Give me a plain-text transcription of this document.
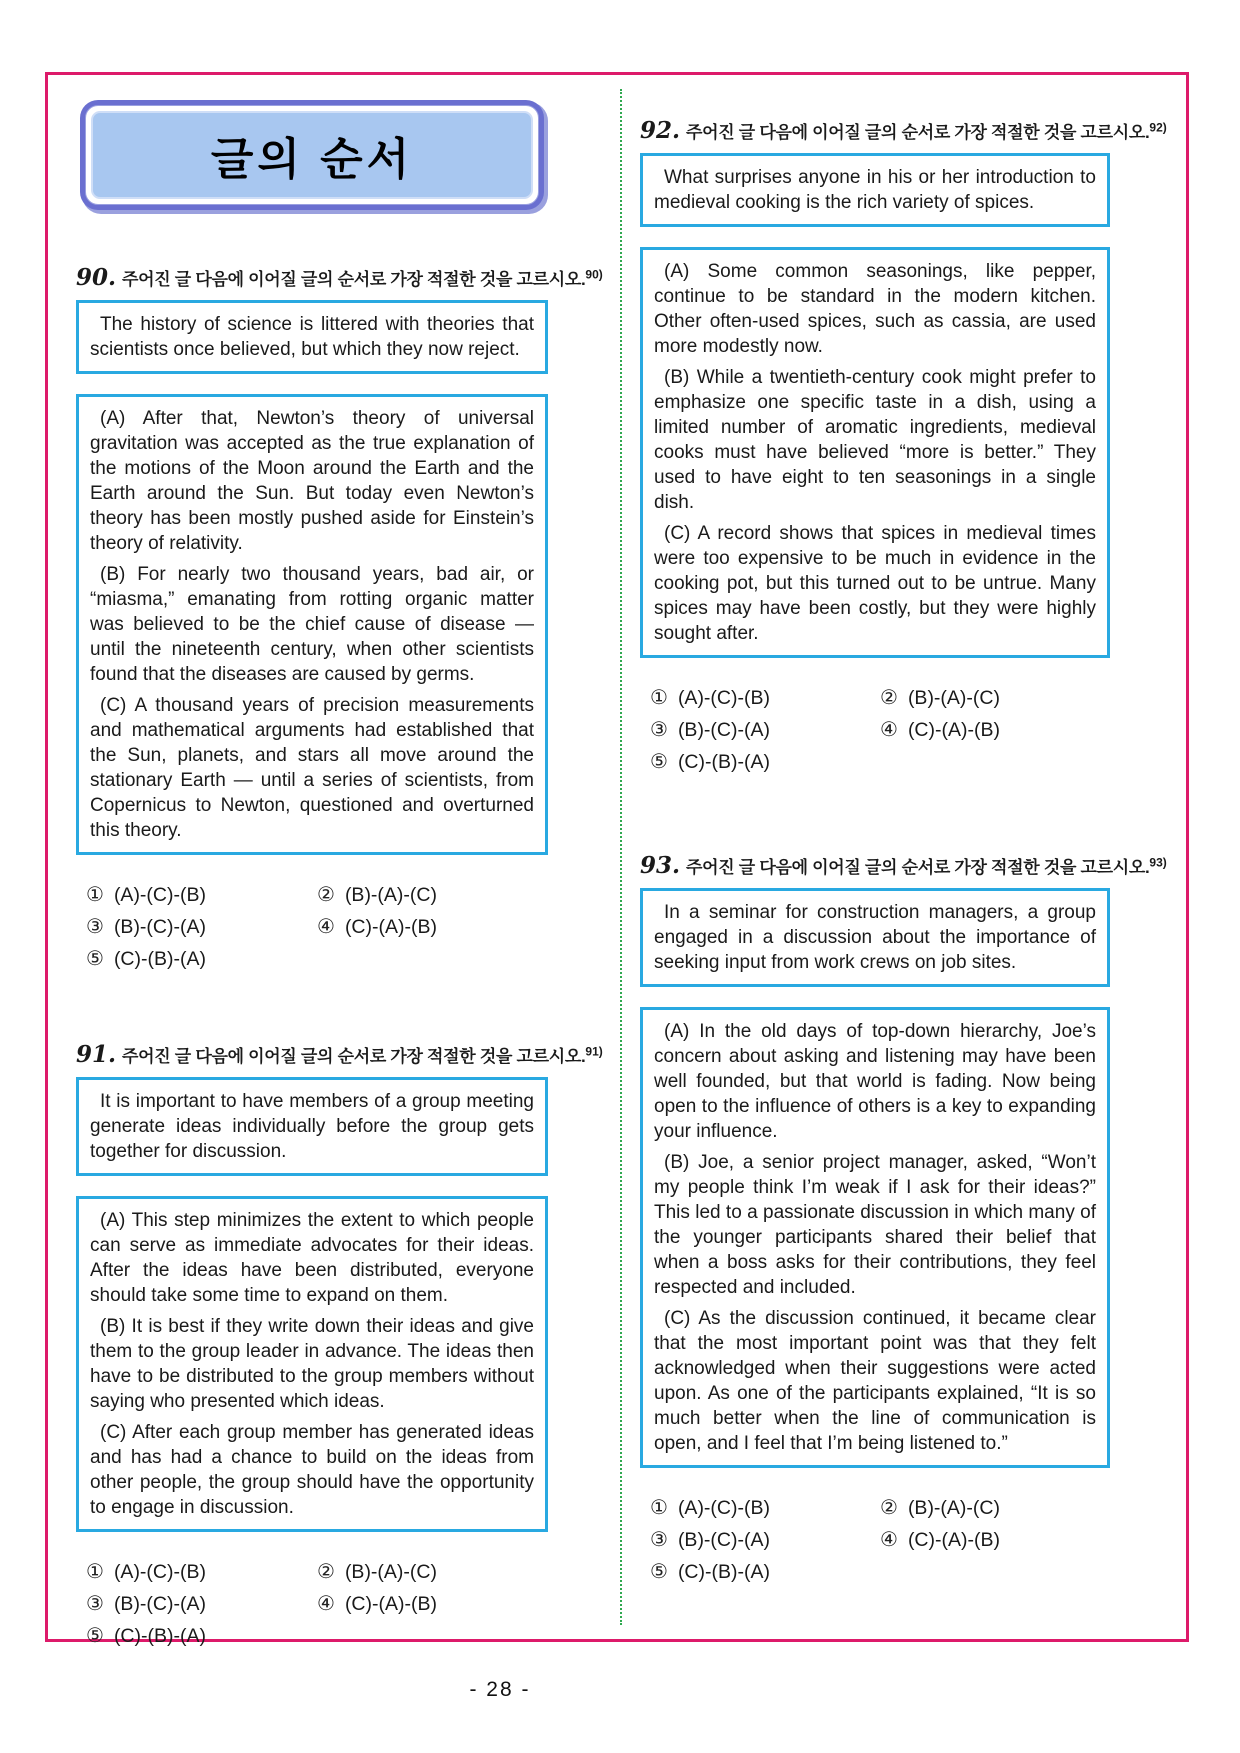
글의 순서
90. 주어진 글 다음에 이어질 글의 순서로 가장 적절한 것을 고르시오.$^{90)}$

The history of science is littered with theories that scientists once believed, but which they now reject.

(A) After that, Newton’s theory of universal gravitation was accepted as the true explanation of the motions of the Moon around the Earth and the Earth around the Sun. But today even Newton’s theory has been mostly pushed aside for Einstein’s theory of relativity.

(B) For nearly two thousand years, bad air, or “miasma,” emanating from rotting organic matter was believed to be the chief cause of disease — until the nineteenth century, when other scientists found that the diseases are caused by germs.

(C) A thousand years of precision measurements and mathematical arguments had established that the Sun, planets, and stars all move around the stationary Earth — until a series of scientists, from Copernicus to Newton, questioned and overturned this theory.

① (A)-(C)-(B)	② (B)-(A)-(C)
③ (B)-(C)-(A)	④ (C)-(A)-(B)
⑤ (C)-(B)-(A)
91. 주어진 글 다음에 이어질 글의 순서로 가장 적절한 것을 고르시오.$^{91)}$

It is important to have members of a group meeting generate ideas individually before the group gets together for discussion.

(A) This step minimizes the extent to which people can serve as immediate advocates for their ideas. After the ideas have been distributed, everyone should take some time to expand on them.

(B) It is best if they write down their ideas and give them to the group leader in advance. The ideas then have to be distributed to the group members without saying who presented which ideas.

(C) After each group member has generated ideas and has had a chance to build on the ideas from other people, the group should have the opportunity to engage in discussion.

① (A)-(C)-(B)	② (B)-(A)-(C)
③ (B)-(C)-(A)	④ (C)-(A)-(B)
⑤ (C)-(B)-(A)
92. 주어진 글 다음에 이어질 글의 순서로 가장 적절한 것을 고르시오.$^{92)}$

What surprises anyone in his or her introduction to medieval cooking is the rich variety of spices.

(A) Some common seasonings, like pepper, continue to be standard in the modern kitchen. Other often-used spices, such as cassia, are used more modestly now.

(B) While a twentieth-century cook might prefer to emphasize one specific taste in a dish, using a limited number of aromatic ingredients, medieval cooks must have believed “more is better.” They used to have eight to ten seasonings in a single dish.

(C) A record shows that spices in medieval times were too expensive to be much in evidence in the cooking pot, but this turned out to be untrue. Many spices may have been costly, but they were highly sought after.

① (A)-(C)-(B)	② (B)-(A)-(C)
③ (B)-(C)-(A)	④ (C)-(A)-(B)
⑤ (C)-(B)-(A)
93. 주어진 글 다음에 이어질 글의 순서로 가장 적절한 것을 고르시오.$^{93)}$

In a seminar for construction managers, a group engaged in a discussion about the importance of seeking input from work crews on job sites.

(A) In the old days of top-down hierarchy, Joe’s concern about asking and listening may have been well founded, but that world is fading. Now being open to the influence of others is a key to expanding your influence.

(B) Joe, a senior project manager, asked, “Won’t my people think I’m weak if I ask for their ideas?” This led to a passionate discussion in which many of the younger participants shared their belief that when a boss asks for their contributions, they feel respected and included.

(C) As the discussion continued, it became clear that the most important point was that they felt acknowledged when their suggestions were acted upon. As one of the participants explained, “It is so much better when the line of communication is open, and I feel that I’m being listened to.”

① (A)-(C)-(B)	② (B)-(A)-(C)
③ (B)-(C)-(A)	④ (C)-(A)-(B)
⑤ (C)-(B)-(A)
- 28 -
